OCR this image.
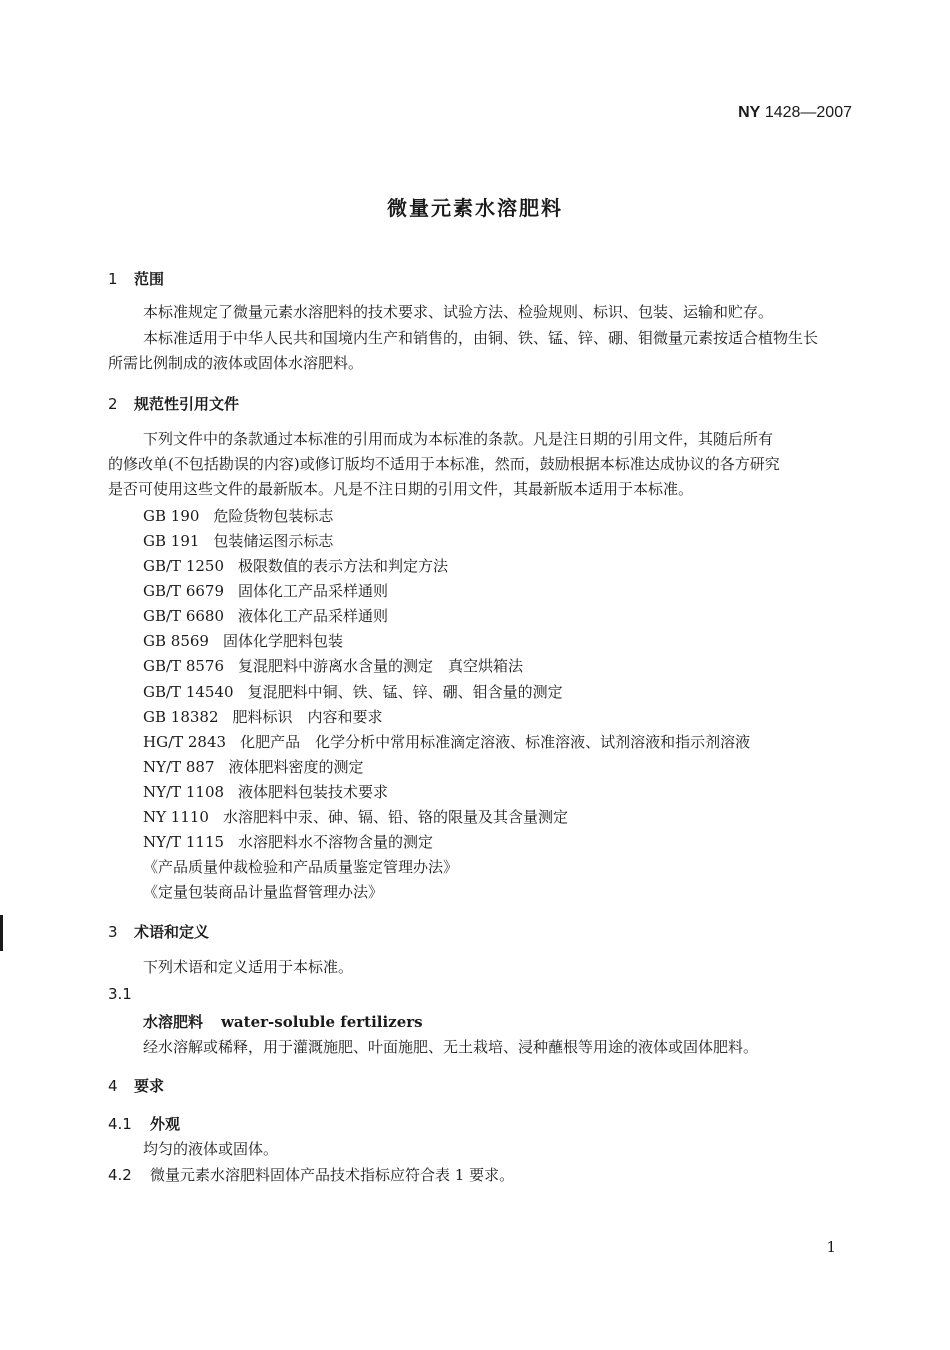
NY 1428—2007
微量元素水溶肥料
1 范围
本标准规定了微量元素水溶肥料的技术要求、试验方法、检验规则、标识、包装、运输和贮存。
本标准适用于中华人民共和国境内生产和销售的，由铜、铁、锰、锌、硼、钼微量元素按适合植物生长
所需比例制成的液体或固体水溶肥料。
2 规范性引用文件
下列文件中的条款通过本标准的引用而成为本标准的条款。凡是注日期的引用文件，其随后所有
的修改单(不包括勘误的内容)或修订版均不适用于本标准，然而，鼓励根据本标准达成协议的各方研究
是否可使用这些文件的最新版本。凡是不注日期的引用文件，其最新版本适用于本标准。
GB 190 危险货物包装标志
GB 191 包装储运图示标志
GB/T 1250 极限数值的表示方法和判定方法
GB/T 6679 固体化工产品采样通则
GB/T 6680 液体化工产品采样通则
GB 8569 固体化学肥料包装
GB/T 8576 复混肥料中游离水含量的测定　真空烘箱法
GB/T 14540 复混肥料中铜、铁、锰、锌、硼、钼含量的测定
GB 18382 肥料标识　内容和要求
HG/T 2843 化肥产品　化学分析中常用标准滴定溶液、标准溶液、试剂溶液和指示剂溶液
NY/T 887 液体肥料密度的测定
NY/T 1108 液体肥料包装技术要求
NY 1110 水溶肥料中汞、砷、镉、铅、铬的限量及其含量测定
NY/T 1115 水溶肥料水不溶物含量的测定
《产品质量仲裁检验和产品质量鉴定管理办法》
《定量包装商品计量监督管理办法》
3 术语和定义
下列术语和定义适用于本标准。
3.1
水溶肥料 water-soluble fertilizers
经水溶解或稀释，用于灌溉施肥、叶面施肥、无土栽培、浸种蘸根等用途的液体或固体肥料。
4 要求
4.1 外观
均匀的液体或固体。
4.2 微量元素水溶肥料固体产品技术指标应符合表 1 要求。
1
